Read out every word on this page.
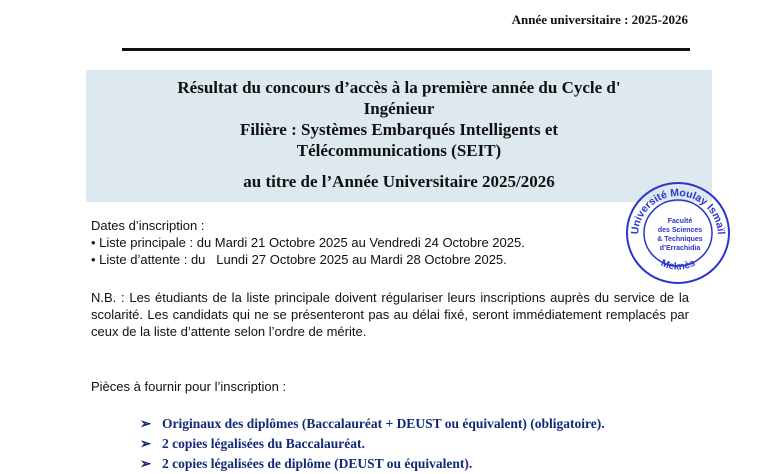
Année universitaire : 2025-2026
Résultat du concours d’accès à la première année du Cycle d'
Ingénieur
Filière : Systèmes Embarqués Intelligents et
Télécommunications (SEIT)
au titre de l’Année Universitaire 2025/2026
Dates d’inscription :
• Liste principale : du Mardi 21 Octobre 2025 au Vendredi 24 Octobre 2025.
• Liste d’attente : du   Lundi 27 Octobre 2025 au Mardi 28 Octobre 2025.
N.B. : Les étudiants de la liste principale doivent régulariser leurs inscriptions auprès du service de la scolarité. Les candidats qui ne se présenteront pas au délai fixé, seront immédiatement remplacés par ceux de la liste d’attente selon l’ordre de mérite.
Pièces à fournir pour l’inscription :
➢ Originaux des diplômes (Baccalauréat + DEUST ou équivalent) (obligatoire).
➢ 2 copies légalisées du Baccalauréat.
➢ 2 copies légalisées de diplôme (DEUST ou équivalent).
Université Moulay Ismaïl
Meknès
Faculté
des Sciences
& Techniques
d’Errachidia
